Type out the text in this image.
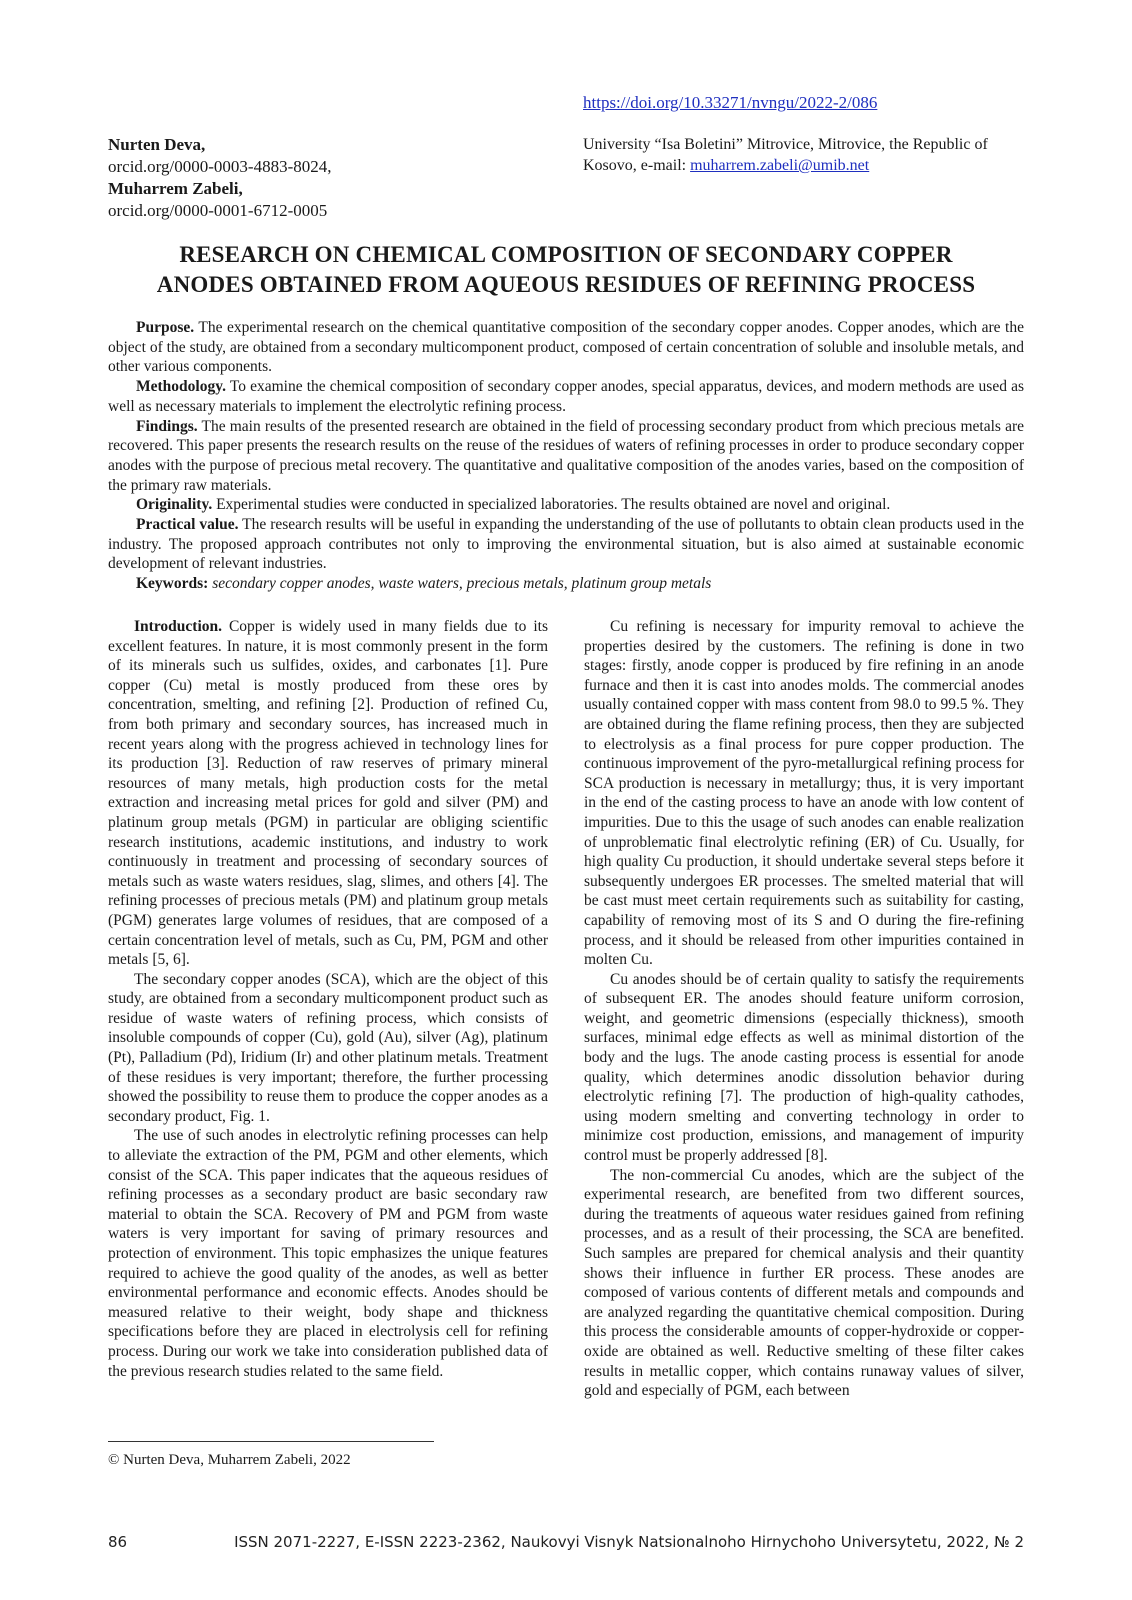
https://doi.org/10.33271/nvngu/2022-2/086
Nurten Deva,
orcid.org/0000-0003-4883-8024,
Muharrem Zabeli,
orcid.org/0000-0001-6712-0005
University “Isa Boletini” Mitrovice, Mitrovice, the Republic of Kosovo, e-mail: muharrem.zabeli@umib.net
RESEARCH ON CHEMICAL COMPOSITION OF SECONDARY COPPER
ANODES OBTAINED FROM AQUEOUS RESIDUES OF REFINING PROCESS

Purpose. The experimental research on the chemical quantitative composition of the secondary copper anodes. Copper anodes, which are the object of the study, are obtained from a secondary multicomponent product, composed of certain concentration of soluble and insoluble metals, and other various components.

Methodology. To examine the chemical composition of secondary copper anodes, special apparatus, devices, and modern methods are used as well as necessary materials to implement the electrolytic refining process.

Findings. The main results of the presented research are obtained in the field of processing secondary product from which precious metals are recovered. This paper presents the research results on the reuse of the residues of waters of refining processes in order to produce secondary copper anodes with the purpose of precious metal recovery. The quantitative and qualitative composition of the anodes varies, based on the composition of the primary raw materials.

Originality. Experimental studies were conducted in specialized laboratories. The results obtained are novel and original.

Practical value. The research results will be useful in expanding the understanding of the use of pollutants to obtain clean products used in the industry. The proposed approach contributes not only to improving the environmental situation, but is also aimed at sustainable economic development of relevant industries.

Keywords: secondary copper anodes, waste waters, precious metals, platinum group metals

Introduction. Copper is widely used in many fields due to its excellent features. In nature, it is most commonly present in the form of its minerals such us sulfides, oxides, and carbonates [1]. Pure copper (Cu) metal is mostly produced from these ores by concentration, smelting, and refining [2]. Production of refined Cu, from both primary and secondary sources, has increased much in recent years along with the progress achieved in technology lines for its production [3]. Reduction of raw reserves of primary mineral resources of many metals, high production costs for the metal extraction and increasing metal prices for gold and silver (PM) and platinum group metals (PGM) in particular are obliging scientific research institutions, academic institutions, and industry to work continuously in treatment and processing of secondary sources of metals such as waste waters residues, slag, slimes, and others [4]. The refining processes of precious metals (PM) and platinum group metals (PGM) generates large volumes of residues, that are composed of a certain concentration level of metals, such as Cu, PM, PGM and other metals [5, 6].

The secondary copper anodes (SCA), which are the object of this study, are obtained from a secondary multicomponent product such as residue of waste waters of refining process, which consists of insoluble compounds of copper (Cu), gold (Au), silver (Ag), platinum (Pt), Palladium (Pd), Iridium (Ir) and other platinum metals. Treatment of these residues is very important; therefore, the further processing showed the possibility to reuse them to produce the copper anodes as a secondary product, Fig. 1.

The use of such anodes in electrolytic refining processes can help to alleviate the extraction of the PM, PGM and other elements, which consist of the SCA. This paper indicates that the aqueous residues of refining processes as a secondary product are basic secondary raw material to obtain the SCA. Recovery of PM and PGM from waste waters is very important for saving of primary resources and protection of environment. This topic emphasizes the unique features required to achieve the good quality of the anodes, as well as better environmental performance and economic effects. Anodes should be measured relative to their weight, body shape and thickness specifications before they are placed in electrolysis cell for refining process. During our work we take into consideration published data of the previous research studies related to the same field.

Cu refining is necessary for impurity removal to achieve the properties desired by the customers. The refining is done in two stages: firstly, anode copper is produced by fire refining in an anode furnace and then it is cast into anodes molds. The commercial anodes usually contained copper with mass content from 98.0 to 99.5 %. They are obtained during the flame refining process, then they are subjected to electrolysis as a final process for pure copper production. The continuous improvement of the pyro-metallurgical refining process for SCA production is necessary in metallurgy; thus, it is very important in the end of the casting process to have an anode with low content of impurities. Due to this the usage of such anodes can enable realization of unproblematic final electrolytic refining (ER) of Cu. Usually, for high quality Cu production, it should undertake several steps before it subsequently undergoes ER processes. The smelted material that will be cast must meet certain requirements such as suitability for casting, capability of removing most of its S and O during the fire-refining process, and it should be released from other impurities contained in molten Cu.

Cu anodes should be of certain quality to satisfy the requirements of subsequent ER. The anodes should feature uniform corrosion, weight, and geometric dimensions (especially thickness), smooth surfaces, minimal edge effects as well as minimal distortion of the body and the lugs. The anode casting process is essential for anode quality, which determines anodic dissolution behavior during electrolytic refining [7]. The production of high-quality cathodes, using modern smelting and converting technology in order to minimize cost production, emissions, and management of impurity control must be properly addressed [8].

The non-commercial Cu anodes, which are the subject of the experimental research, are benefited from two different sources, during the treatments of aqueous water residues gained from refining processes, and as a result of their processing, the SCA are benefited. Such samples are prepared for chemical analysis and their quantity shows their influence in further ER process. These anodes are composed of various contents of different metals and compounds and are analyzed regarding the quantitative chemical composition. During this process the considerable amounts of copper-hydroxide or copper-oxide are obtained as well. Reductive smelting of these filter cakes results in metallic copper, which contains runaway values of silver, gold and especially of PGM, each between

© Nurten Deva, Muharrem Zabeli, 2022
86	ISSN 2071-2227, E-ISSN 2223-2362, Naukovyi Visnyk Natsionalnoho Hirnychoho Universytetu, 2022, № 2
